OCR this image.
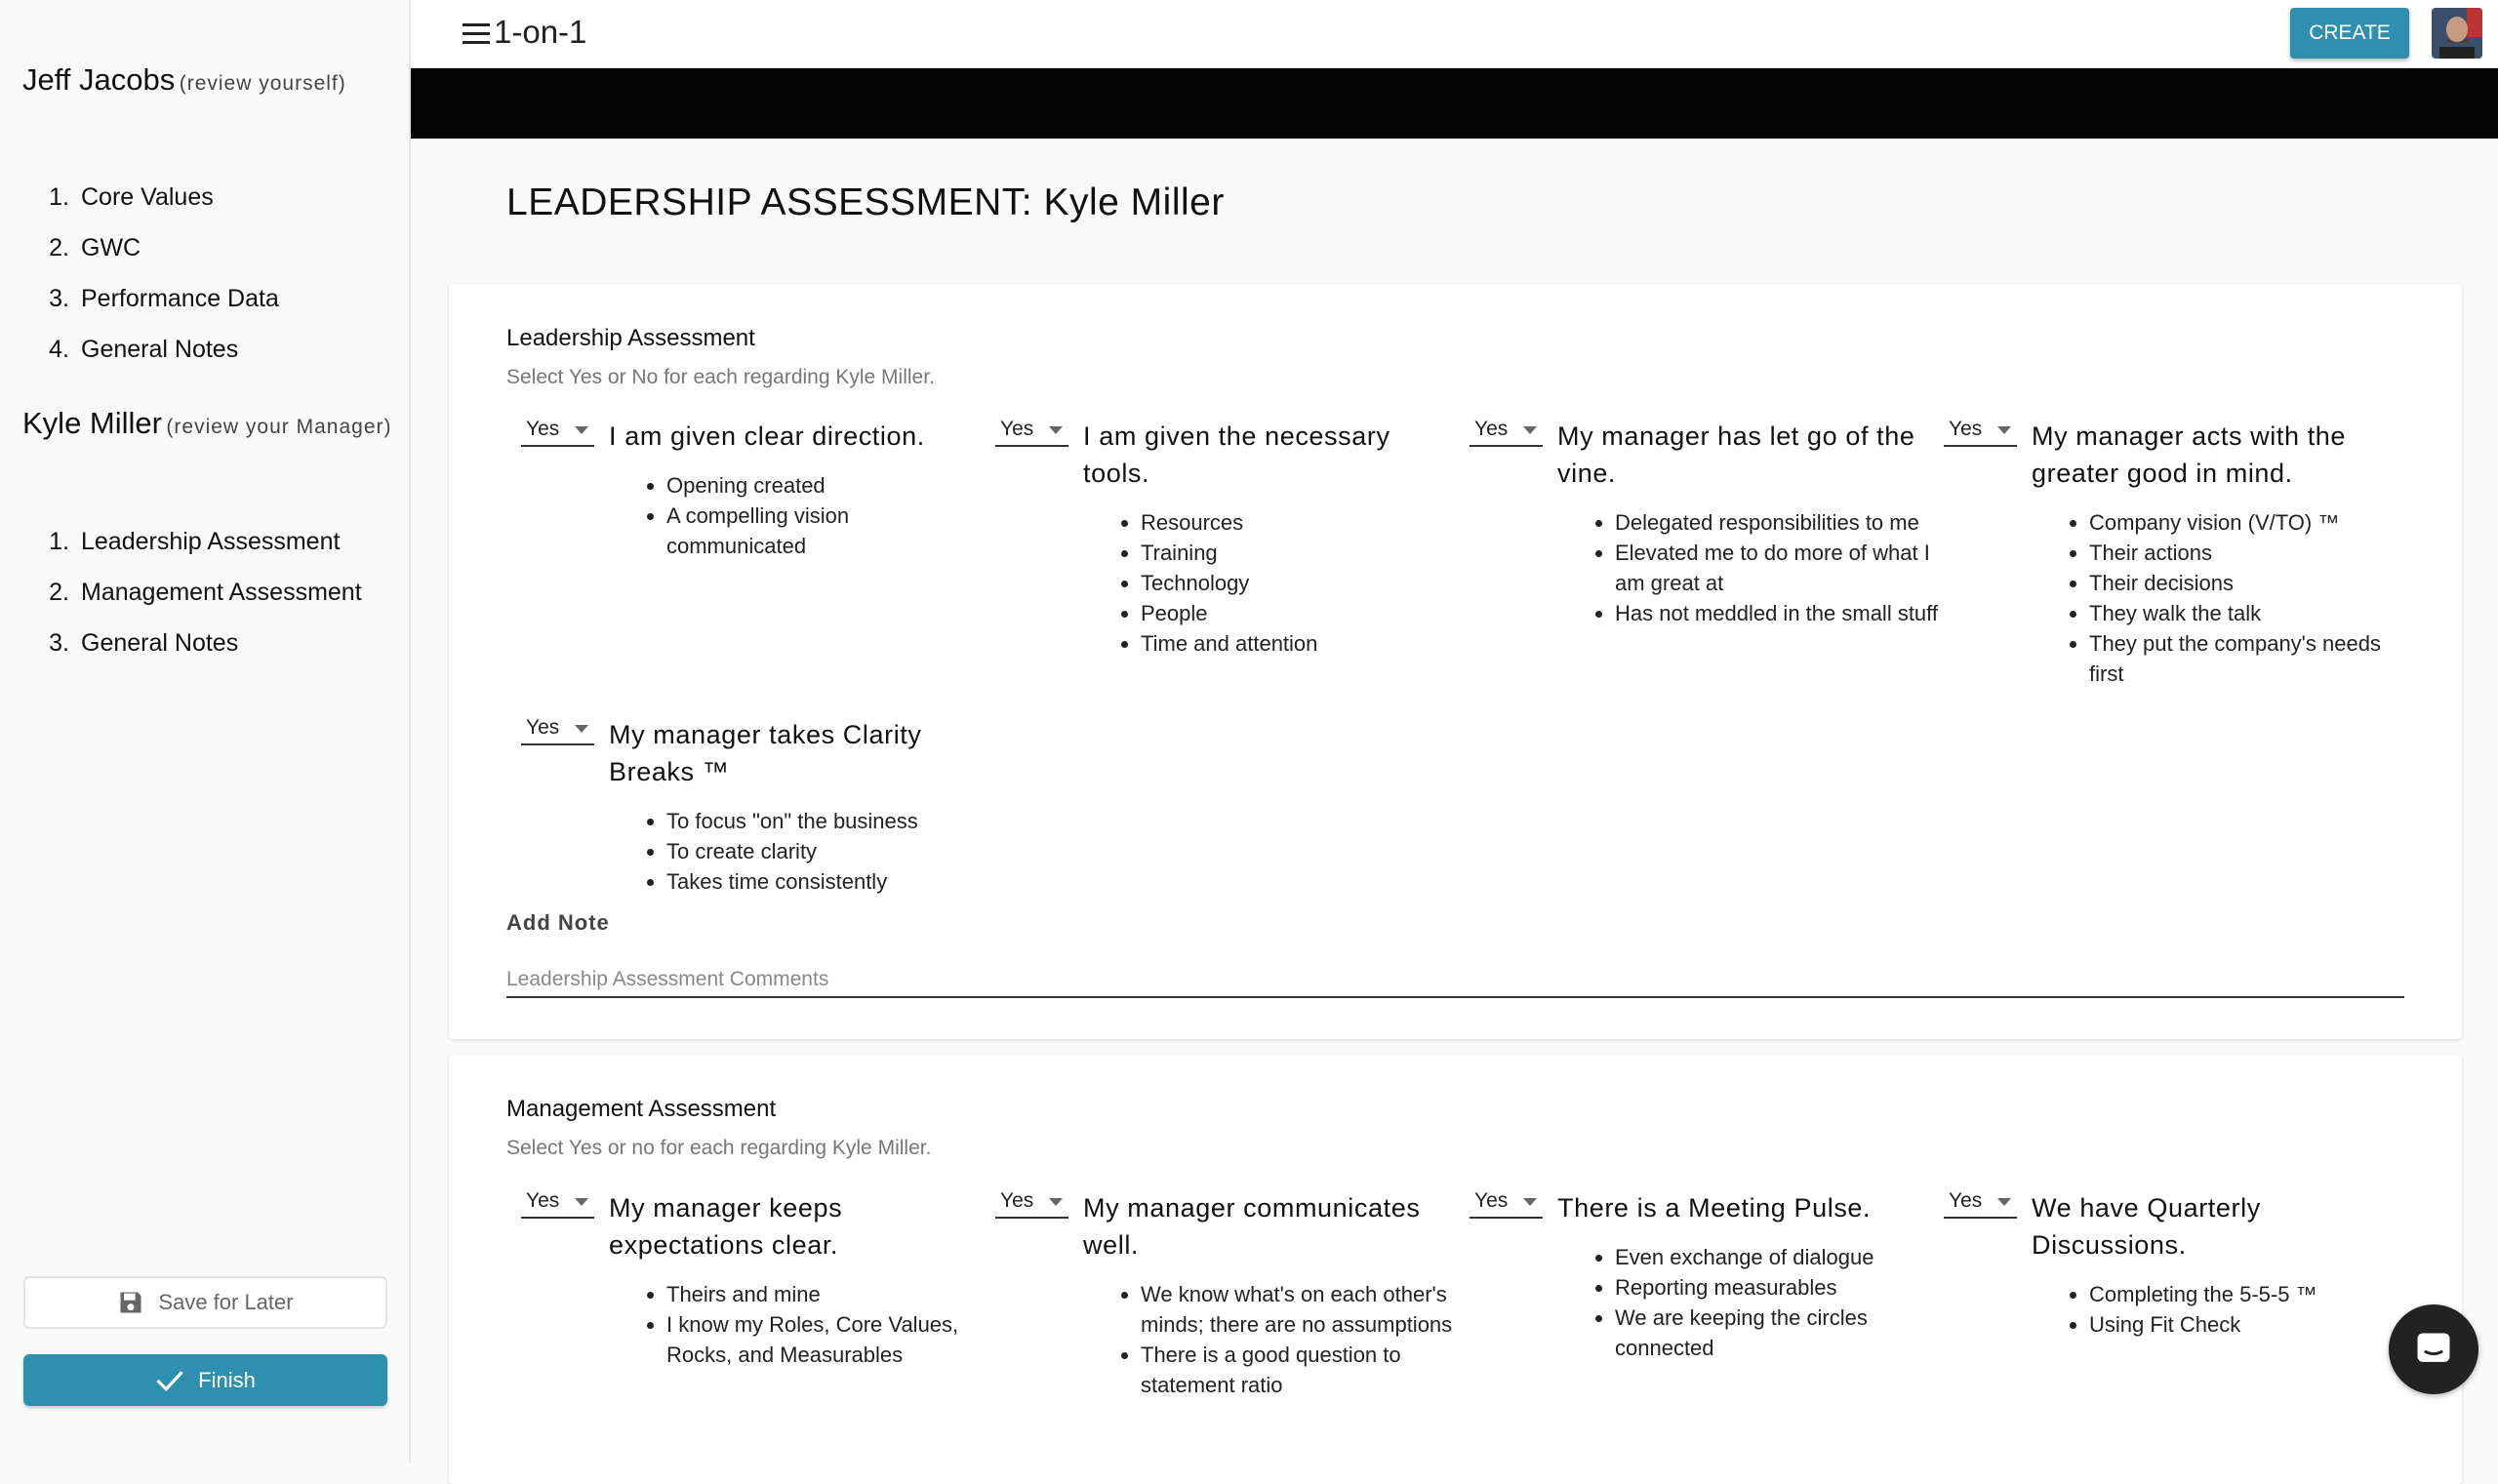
Jeff Jacobs (review yourself)
1. Core Values
2. GWC
3. Performance Data
4. General Notes
Kyle Miller (review your Manager)
1. Leadership Assessment
2. Management Assessment
3. General Notes
Save for Later
Finish
1-on-1	CREATE
LEADERSHIP ASSESSMENT: Kyle Miller
Leadership Assessment
Select Yes or No for each regarding Kyle Miller.
Yes	I am given clear direction.
• Opening created
• A compelling vision communicated
Yes	I am given the necessary tools.
• Resources
• Training
• Technology
• People
• Time and attention
Yes	My manager has let go of the vine.
• Delegated responsibilities to me
• Elevated me to do more of what I am great at
• Has not meddled in the small stuff
Yes	My manager acts with the greater good in mind.
• Company vision (V/TO) ™
• Their actions
• Their decisions
• They walk the talk
• They put the company's needs first
Yes	My manager takes Clarity Breaks ™
• To focus "on" the business
• To create clarity
• Takes time consistently
Add Note
Leadership Assessment Comments
Management Assessment
Select Yes or no for each regarding Kyle Miller.
Yes	My manager keeps expectations clear.
• Theirs and mine
• I know my Roles, Core Values, Rocks, and Measurables
Yes	My manager communicates well.
• We know what's on each other's minds; there are no assumptions
• There is a good question to statement ratio
Yes	There is a Meeting Pulse.
• Even exchange of dialogue
• Reporting measurables
• We are keeping the circles connected
Yes	We have Quarterly Discussions.
• Completing the 5-5-5 ™
• Using Fit Check
